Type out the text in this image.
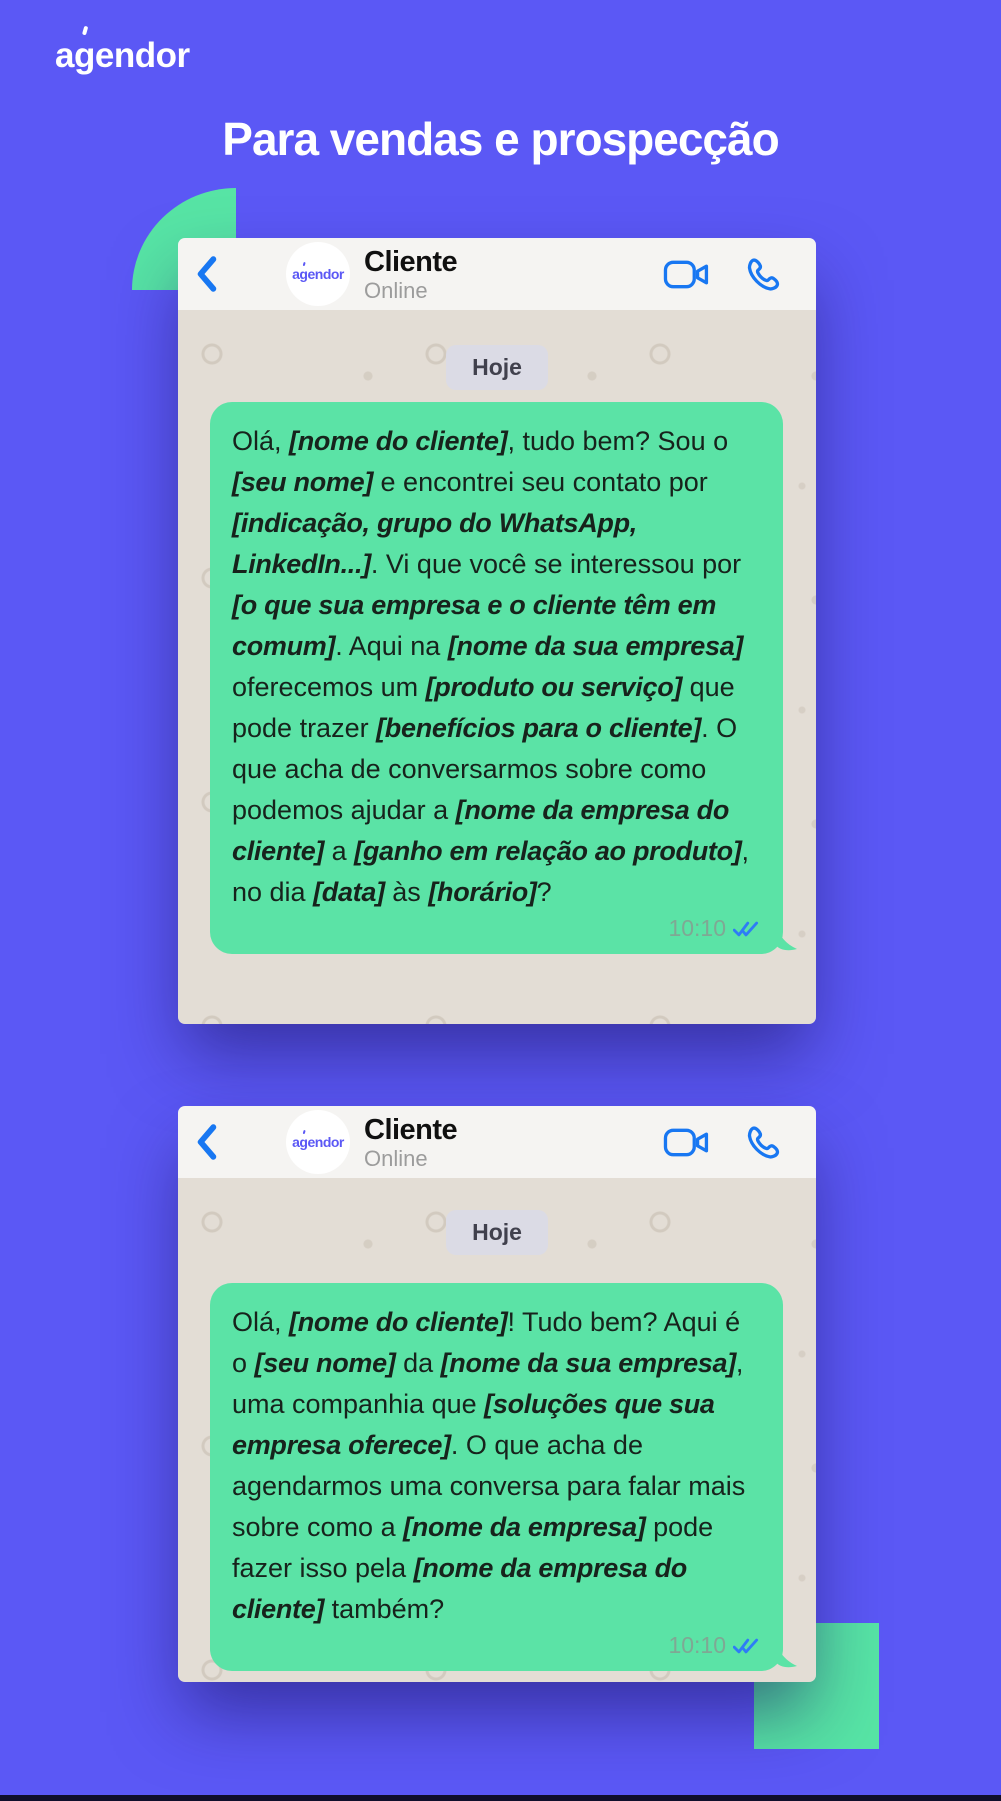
agendor
Para vendas e prospecção
a g endor Cliente
Online
Hoje
Olá, [nome do cliente], tudo bem? Sou o [seu nome] e encontrei seu contato por [indicação, grupo do WhatsApp, LinkedIn...]. Vi que você se interessou por [o que sua empresa e o cliente têm em comum]. Aqui na [nome da sua empresa] oferecemos um [produto ou serviço] que pode trazer [benefícios para o cliente]. O que acha de conversarmos sobre como podemos ajudar a [nome da empresa do cliente] a [ganho em relação ao produto], no dia [data] às [horário]?
10:10
a g endor Cliente
Online
Hoje
Olá, [nome do cliente]! Tudo bem? Aqui é o [seu nome] da [nome da sua empresa], uma companhia que [soluções que sua empresa oferece]. O que acha de agendarmos uma conversa para falar mais sobre como a [nome da empresa] pode fazer isso pela [nome da empresa do cliente] também?
10:10
